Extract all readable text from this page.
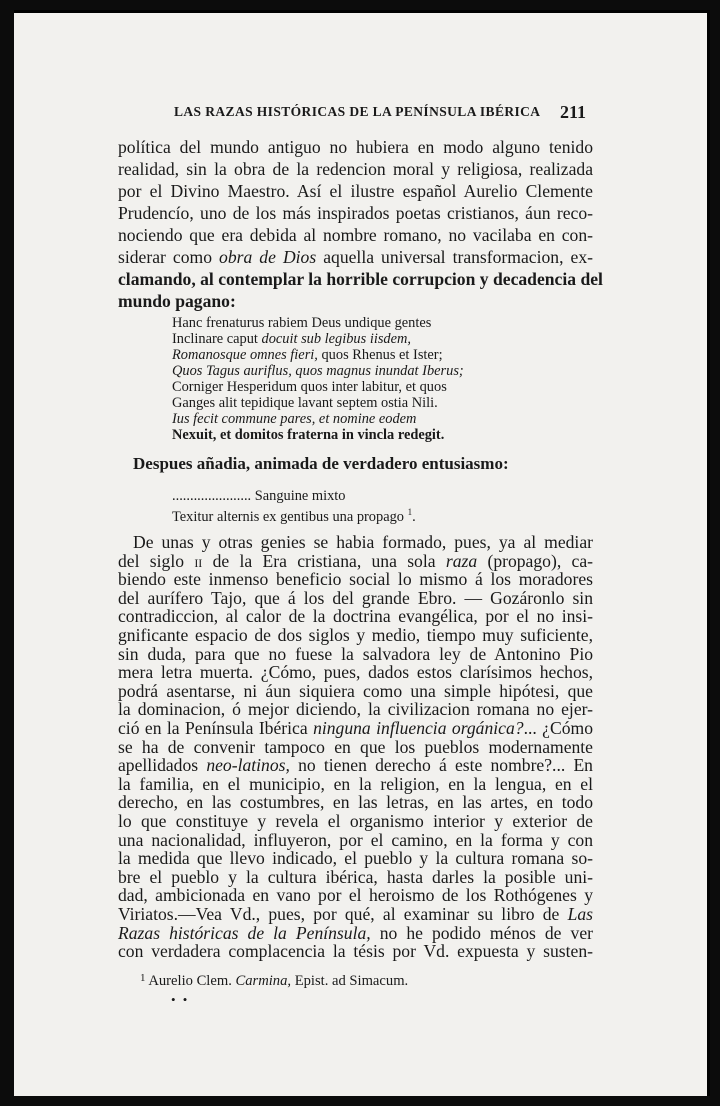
LAS RAZAS HISTÓRICAS DE LA PENÍNSULA IBÉRICA	211
política del mundo antiguo no hubiera en modo alguno tenido
realidad, sin la obra de la redencion moral y religiosa, realizada
por el Divino Maestro. Así el ilustre español Aurelio Clemente
Prudencío, uno de los más inspirados poetas cristianos, áun reco-
nociendo que era debida al nombre romano, no vacilaba en con-
siderar como obra de Dios aquella universal transformacion, ex-
clamando, al contemplar la horrible corrupcion y decadencia del
mundo pagano:
Hanc frenaturus rabiem Deus undique gentes
Inclinare caput docuit sub legibus iisdem,
Romanosque omnes fieri, quos Rhenus et Ister;
Quos Tagus auriflus, quos magnus inundat Iberus;
Corniger Hesperidum quos inter labitur, et quos
Ganges alit tepidique lavant septem ostia Nili.
Ius fecit commune pares, et nomine eodem
Nexuit, et domitos fraterna in vincla redegit.
Despues añadia, animada de verdadero entusiasmo:
...................... Sanguine mixto
Texitur alternis ex gentibus una propago $^1$.
De unas y otras genies se habia formado, pues, ya al mediar
del siglo ii de la Era cristiana, una sola raza (propago), ca-
biendo este inmenso beneficio social lo mismo á los moradores
del aurífero Tajo, que á los del grande Ebro. — Gozáronlo sin
contradiccion, al calor de la doctrina evangélica, por el no insi-
gnificante espacio de dos siglos y medio, tiempo muy suficiente,
sin duda, para que no fuese la salvadora ley de Antonino Pio
mera letra muerta. ¿Cómo, pues, dados estos clarísimos hechos,
podrá asentarse, ni áun siquiera como una simple hipótesi, que
la dominacion, ó mejor diciendo, la civilizacion romana no ejer-
ció en la Península Ibérica ninguna influencia orgánica?... ¿Cómo
se ha de convenir tampoco en que los pueblos modernamente
apellidados neo-latinos, no tienen derecho á este nombre?... En
la familia, en el municipio, en la religion, en la lengua, en el
derecho, en las costumbres, en las letras, en las artes, en todo
lo que constituye y revela el organismo interior y exterior de
una nacionalidad, influyeron, por el camino, en la forma y con
la medida que llevo indicado, el pueblo y la cultura romana so-
bre el pueblo y la cultura ibérica, hasta darles la posible uni-
dad, ambicionada en vano por el heroismo de los Rothógenes y
$^1$ Aurelio Clem. Carmina, Epist. ad Simacum.
• •
Viriatos.—Vea Vd., pues, por qué, al examinar su libro de Las
Razas históricas de la Península, no he podido ménos de ver
con verdadera complacencia la tésis por Vd. expuesta y susten-
